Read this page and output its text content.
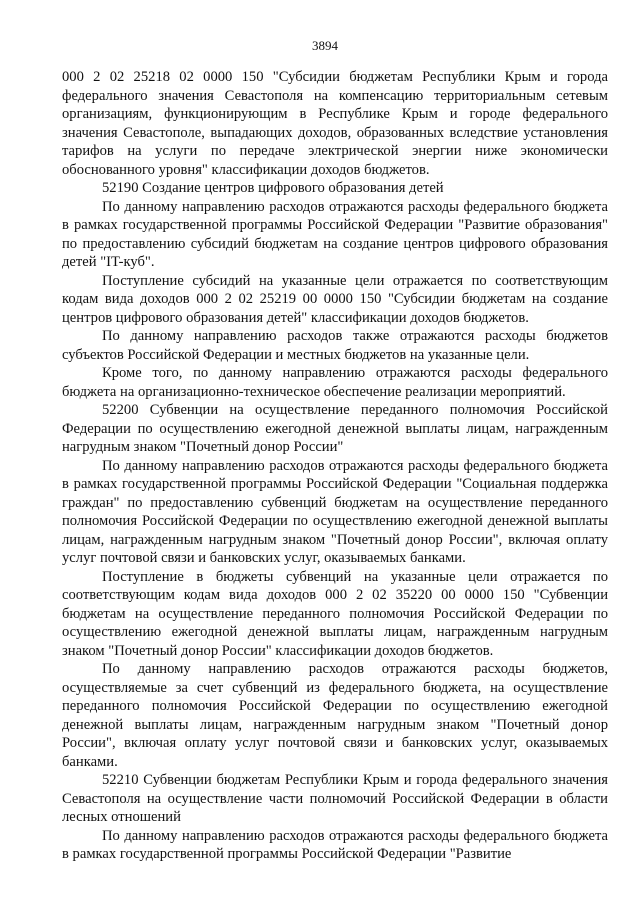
3894

000 2 02 25218 02 0000 150 "Субсидии бюджетам Республики Крым и города федерального значения Севастополя на компенсацию территориальным сетевым организациям, функционирующим в Республике Крым и городе федерального значения Севастополе, выпадающих доходов, образованных вследствие установления тарифов на услуги по передаче электрической энергии ниже экономически обоснованного уровня" классификации доходов бюджетов.

52190 Создание центров цифрового образования детей

По данному направлению расходов отражаются расходы федерального бюджета в рамках государственной программы Российской Федерации "Развитие образования" по предоставлению субсидий бюджетам на создание центров цифрового образования детей "IT-куб".

Поступление субсидий на указанные цели отражается по соответствующим кодам вида доходов 000 2 02 25219 00 0000 150 "Субсидии бюджетам на создание центров цифрового образования детей" классификации доходов бюджетов.

По данному направлению расходов также отражаются расходы бюджетов субъектов Российской Федерации и местных бюджетов на указанные цели.

Кроме того, по данному направлению отражаются расходы федерального бюджета на организационно-техническое обеспечение реализации мероприятий.

52200 Субвенции на осуществление переданного полномочия Российской Федерации по осуществлению ежегодной денежной выплаты лицам, награжденным нагрудным знаком "Почетный донор России"

По данному направлению расходов отражаются расходы федерального бюджета в рамках государственной программы Российской Федерации "Социальная поддержка граждан" по предоставлению субвенций бюджетам на осуществление переданного полномочия Российской Федерации по осуществлению ежегодной денежной выплаты лицам, награжденным нагрудным знаком "Почетный донор России", включая оплату услуг почтовой связи и банковских услуг, оказываемых банками.

Поступление в бюджеты субвенций на указанные цели отражается по соответствующим кодам вида доходов 000 2 02 35220 00 0000 150 "Субвенции бюджетам на осуществление переданного полномочия Российской Федерации по осуществлению ежегодной денежной выплаты лицам, награжденным нагрудным знаком "Почетный донор России" классификации доходов бюджетов.

По данному направлению расходов отражаются расходы бюджетов, осуществляемые за счет субвенций из федерального бюджета, на осуществление переданного полномочия Российской Федерации по осуществлению ежегодной денежной выплаты лицам, награжденным нагрудным знаком "Почетный донор России", включая оплату услуг почтовой связи и банковских услуг, оказываемых банками.

52210 Субвенции бюджетам Республики Крым и города федерального значения Севастополя на осуществление части полномочий Российской Федерации в области лесных отношений

По данному направлению расходов отражаются расходы федерального бюджета в рамках государственной программы Российской Федерации "Развитие
